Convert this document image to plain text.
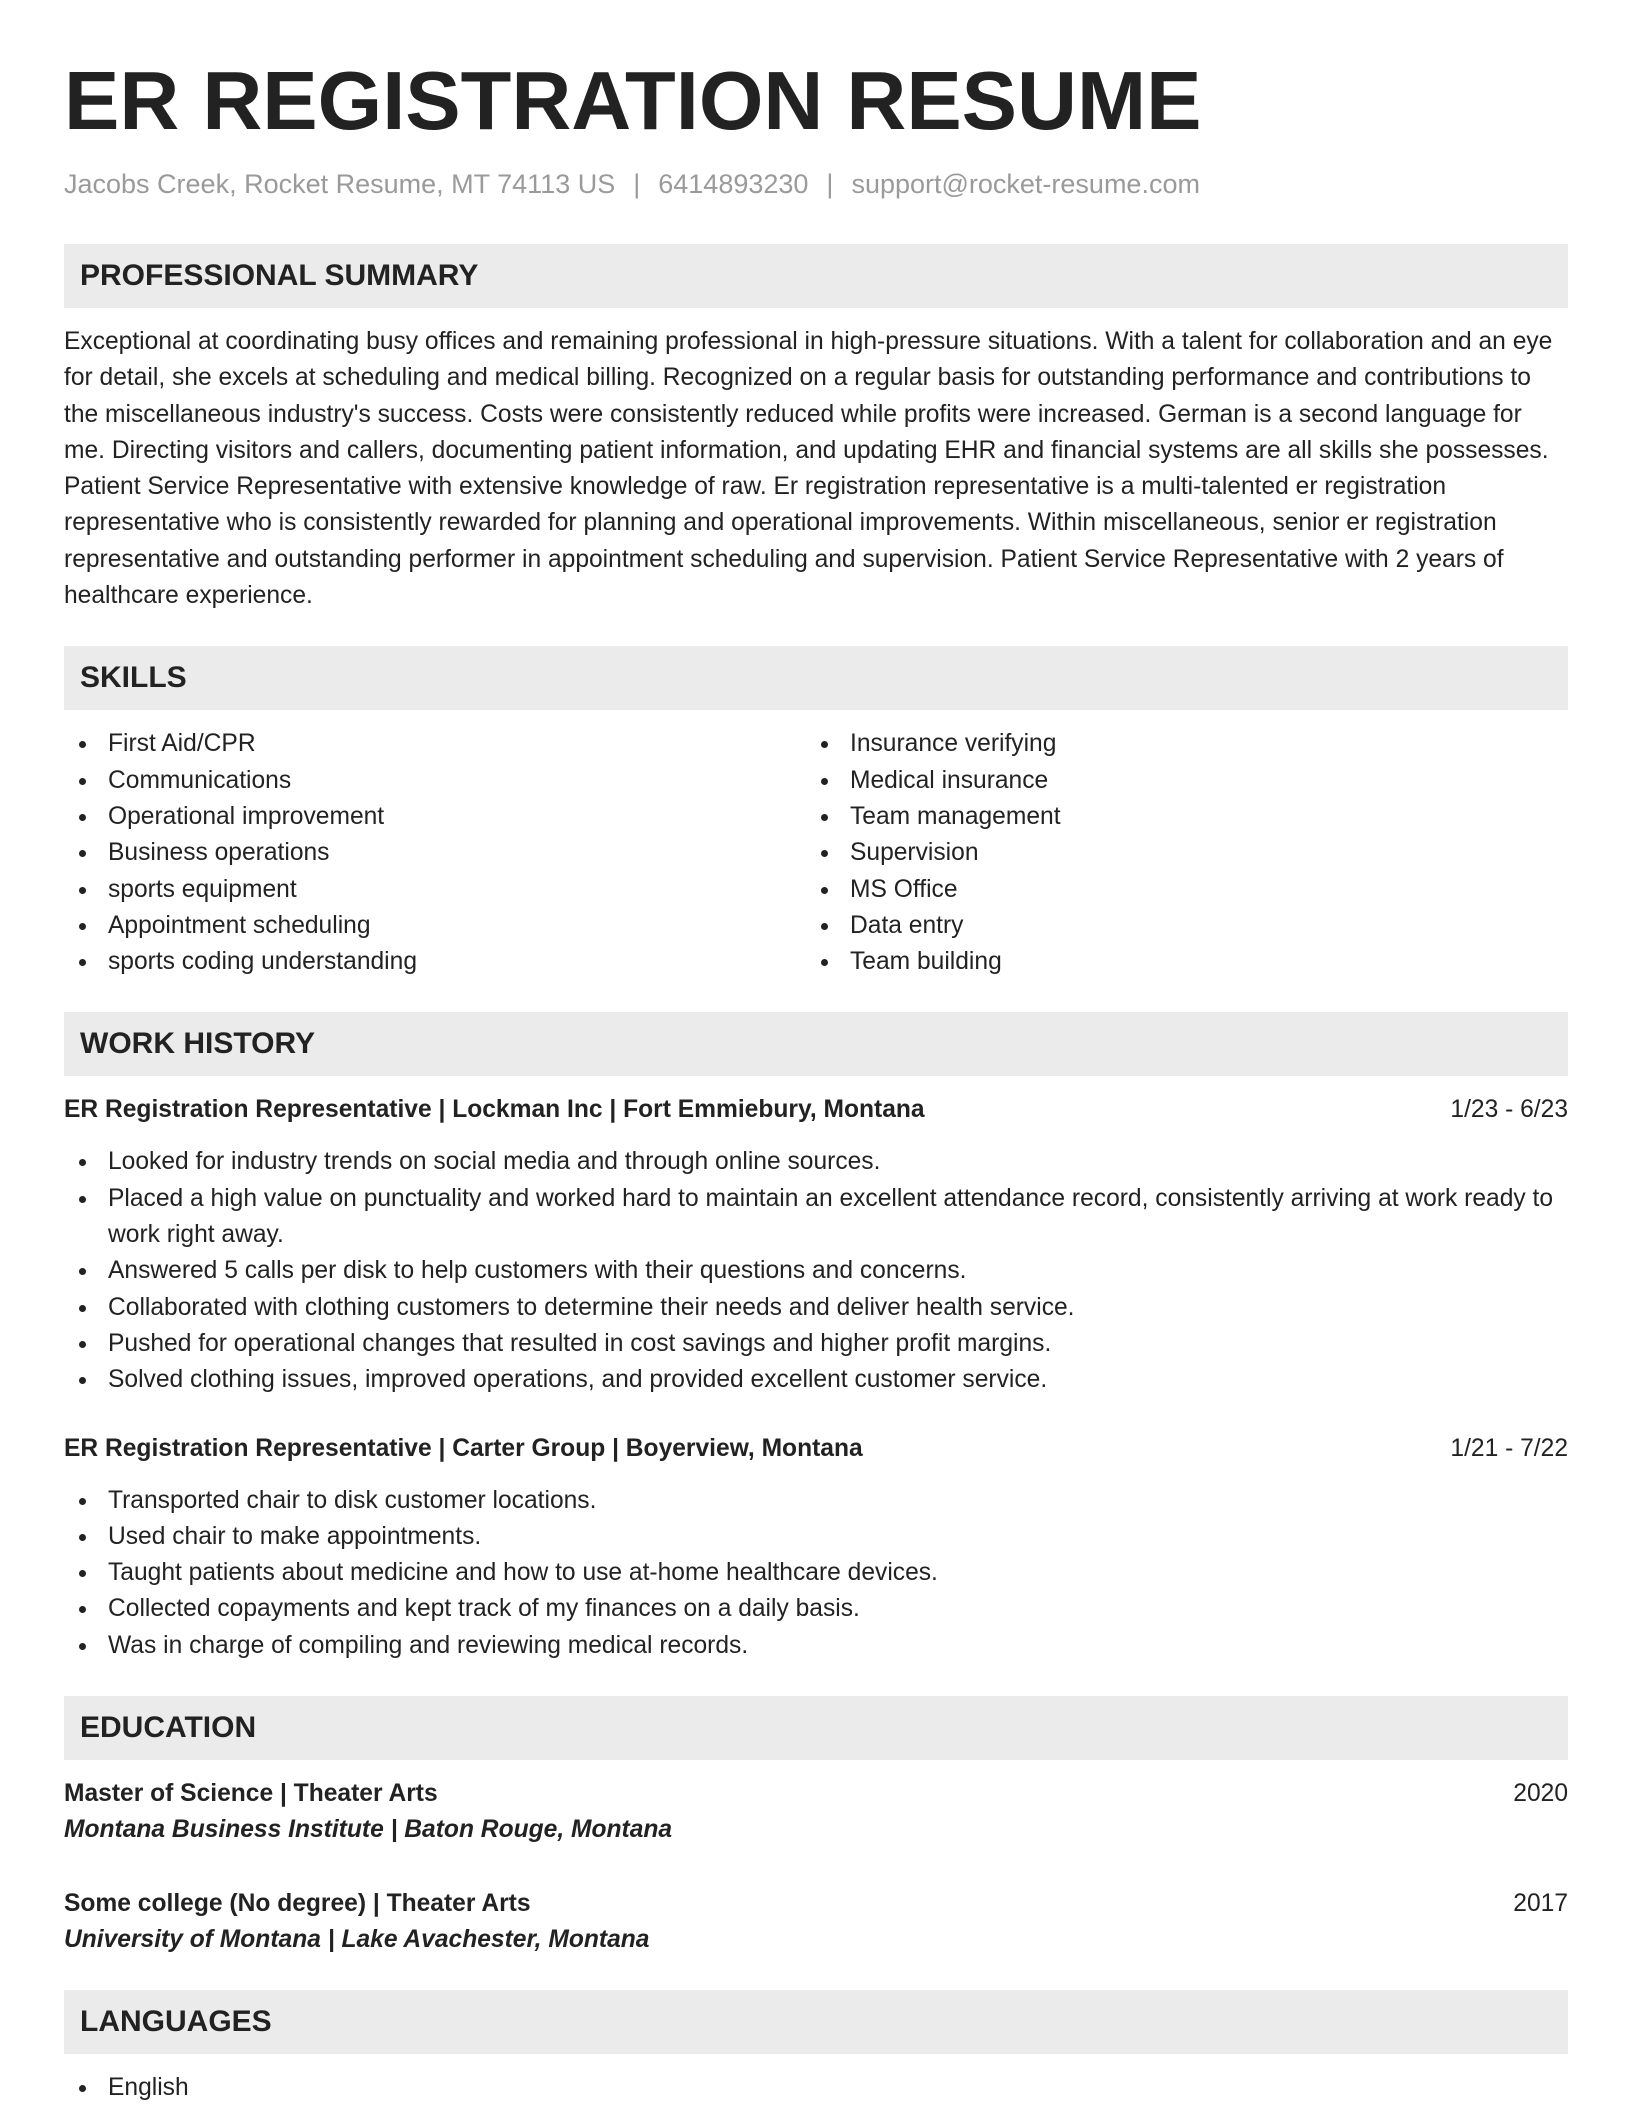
ER REGISTRATION RESUME
Jacobs Creek, Rocket Resume, MT 74113 US | 6414893230 | support@rocket-resume.com
PROFESSIONAL SUMMARY

Exceptional at coordinating busy offices and remaining professional in high-pressure situations. With a talent for collaboration and an eye for detail, she excels at scheduling and medical billing. Recognized on a regular basis for outstanding performance and contributions to the miscellaneous industry's success. Costs were consistently reduced while profits were increased. German is a second language for me. Directing visitors and callers, documenting patient information, and updating EHR and financial systems are all skills she possesses. Patient Service Representative with extensive knowledge of raw. Er registration representative is a multi-talented er registration representative who is consistently rewarded for planning and operational improvements. Within miscellaneous, senior er registration representative and outstanding performer in appointment scheduling and supervision. Patient Service Representative with 2 years of healthcare experience.

SKILLS
First Aid/CPR
Communications
Operational improvement
Business operations
sports equipment
Appointment scheduling
sports coding understanding
Insurance verifying
Medical insurance
Team management
Supervision
MS Office
Data entry
Team building
WORK HISTORY
ER Registration Representative | Lockman Inc | Fort Emmiebury, Montana	1/23 - 6/23
Looked for industry trends on social media and through online sources.
Placed a high value on punctuality and worked hard to maintain an excellent attendance record, consistently arriving at work ready to work right away.
Answered 5 calls per disk to help customers with their questions and concerns.
Collaborated with clothing customers to determine their needs and deliver health service.
Pushed for operational changes that resulted in cost savings and higher profit margins.
Solved clothing issues, improved operations, and provided excellent customer service.
ER Registration Representative | Carter Group | Boyerview, Montana	1/21 - 7/22
Transported chair to disk customer locations.
Used chair to make appointments.
Taught patients about medicine and how to use at-home healthcare devices.
Collected copayments and kept track of my finances on a daily basis.
Was in charge of compiling and reviewing medical records.
EDUCATION
Master of Science | Theater Arts	2020
Montana Business Institute | Baton Rouge, Montana
Some college (No degree) | Theater Arts	2017
University of Montana | Lake Avachester, Montana
LANGUAGES
English
